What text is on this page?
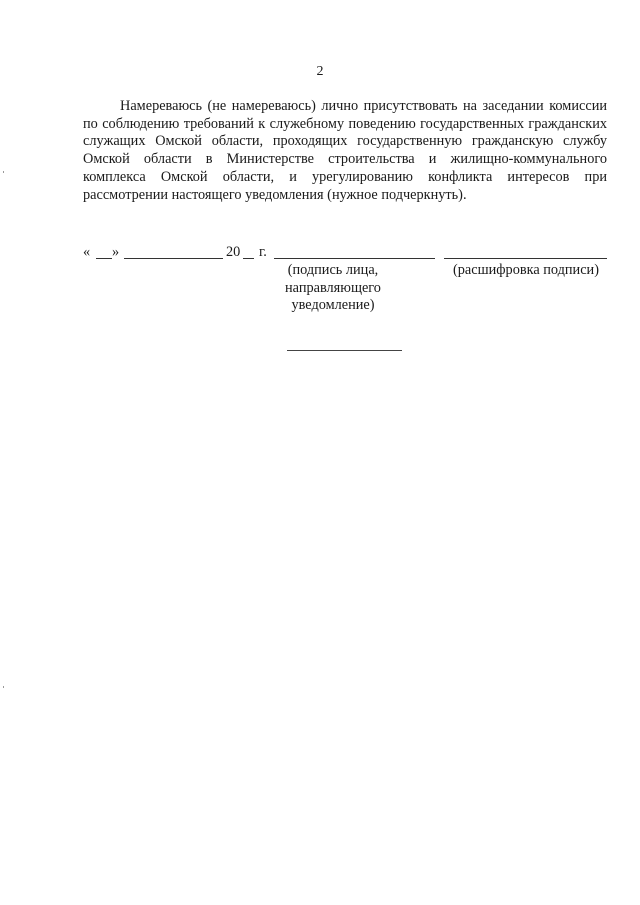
2

Намереваюсь (не намереваюсь) лично присутствовать на заседании комиссии по соблюдению требований к служебному поведению государственных гражданских служащих Омской области, проходящих государственную гражданскую службу Омской области в Министерстве строительства и жилищно-коммунального комплекса Омской области, и урегулированию конфликта интересов при рассмотрении настоящего уведомления (нужное подчеркнуть).

« »	20 г.
(подпись лица,
направляющего
уведомление)
(расшифровка подписи)
